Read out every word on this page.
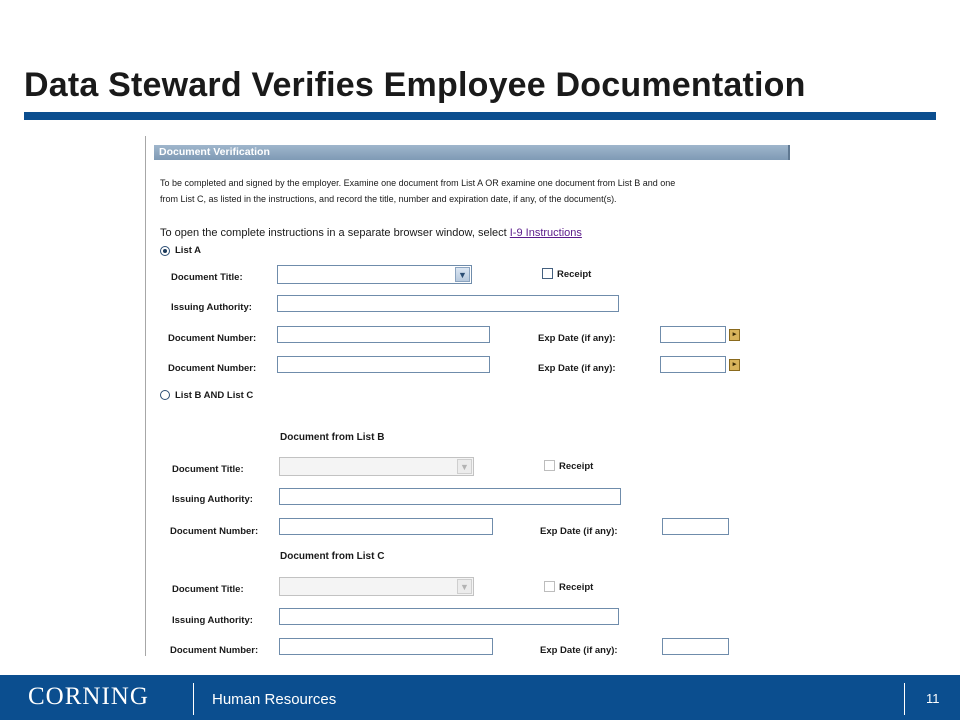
Data Steward Verifies Employee Documentation
Document Verification
To be completed and signed by the employer. Examine one document from List A OR examine one document from List B and one
from List C, as listed in the instructions, and record the title, number and expiration date, if any, of the document(s).
To open the complete instructions in a separate browser window, select I-9 Instructions
List A
Document Title:	▼	Receipt
Issuing Authority:
Document Number:	Exp Date (if any):	▸
Document Number:	Exp Date (if any):	▸
List B AND List C
Document from List B
Document Title:	▼	Receipt
Issuing Authority:
Document Number:	Exp Date (if any):
Document from List C
Document Title:	▼	Receipt
Issuing Authority:
Document Number:	Exp Date (if any):
CORNING	Human Resources	11
